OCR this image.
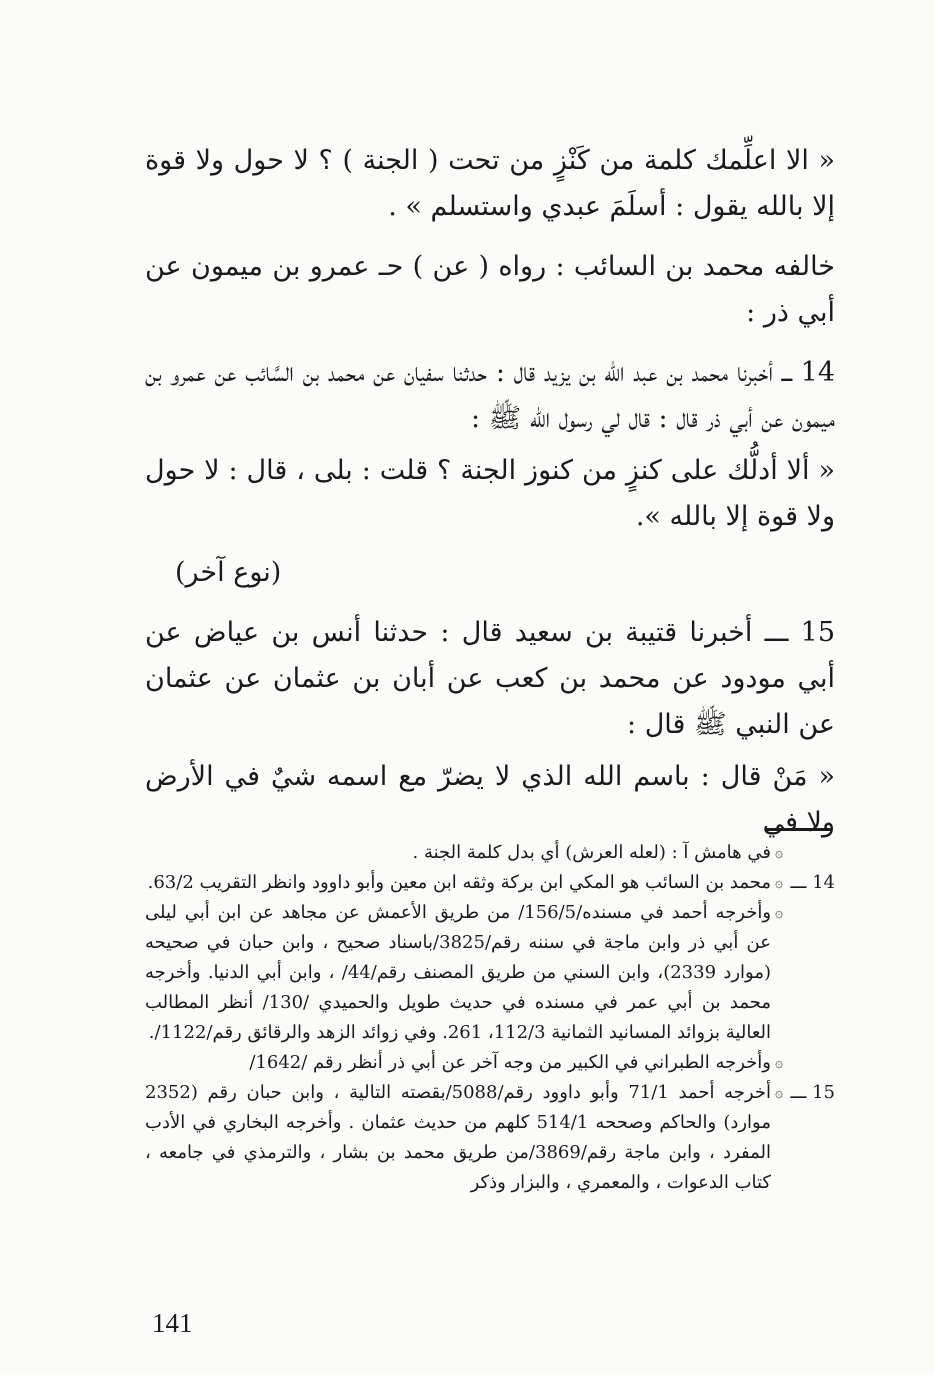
« الا اعلِّمك كلمة من كَنْزٍ من تحت ( الجنة ) ؟ لا حول ولا قوة إلا بالله يقول : أسلَمَ عبدي واستسلم » .

خالفه محمد بن السائب : رواه ( عن ) حـ عمرو بن ميمون عن أبي ذر :

14 ـــ أخبرنا محمد بن عبد الله بن يزيد قال : حدثنا سفيان عن محمد بن السَّائب عن عمرو بن ميمون عن أبي ذر قال : قال لي رسول الله ﷺ :

« ألا أدلُّك على كنزٍ من كنوز الجنة ؟ قلت : بلى ، قال : لا حول ولا قوة إلا بالله ».

(نوع آخر)

15 ـــ أخبرنا قتيبة بن سعيد قال : حدثنا أنس بن عياض عن أبي مودود عن محمد بن كعب عن أبان بن عثمان عن عثمان عن النبي ﷺ قال :

« مَنْ قال : باسم الله الذي لا يضرّ مع اسمه شيٌ في الأرض ولا في

۞
في هامش آ : (لعله العرش) أي بدل كلمة الجنة .
14 ـــ
۞
محمد بن السائب هو المكي ابن بركة وثقه ابن معين وأبو داوود وانظر التقريب 63/2.
۞
وأخرجه أحمد في مسنده/156/5/ من طريق الأعمش عن مجاهد عن ابن أبي ليلى عن أبي ذر وابن ماجة في سننه رقم/3825/باسناد صحيح ، وابن حبان في صحيحه (موارد 2339)، وابن السني من طريق المصنف رقم/44/ ، وابن أبي الدنيا. وأخرجه محمد بن أبي عمر في مسنده في حديث طويل والحميدي /130/ أنظر المطالب العالية بزوائد المسانيد الثمانية 112/3، 261. وفي زوائد الزهد والرقائق رقم/1122/.
۞
وأخرجه الطبراني في الكبير من وجه آخر عن أبي ذر أنظر رقم /1642/
15 ـــ
۞
أخرجه أحمد 71/1 وأبو داوود رقم/5088/بقصته التالية ، وابن حبان رقم (2352 موارد) والحاكم وصححه 514/1 كلهم من حديث عثمان . وأخرجه البخاري في الأدب المفرد ، وابن ماجة رقم/3869/من طريق محمد بن بشار ، والترمذي في جامعه ، كتاب الدعوات ، والمعمري ، والبزار وذكر
141
